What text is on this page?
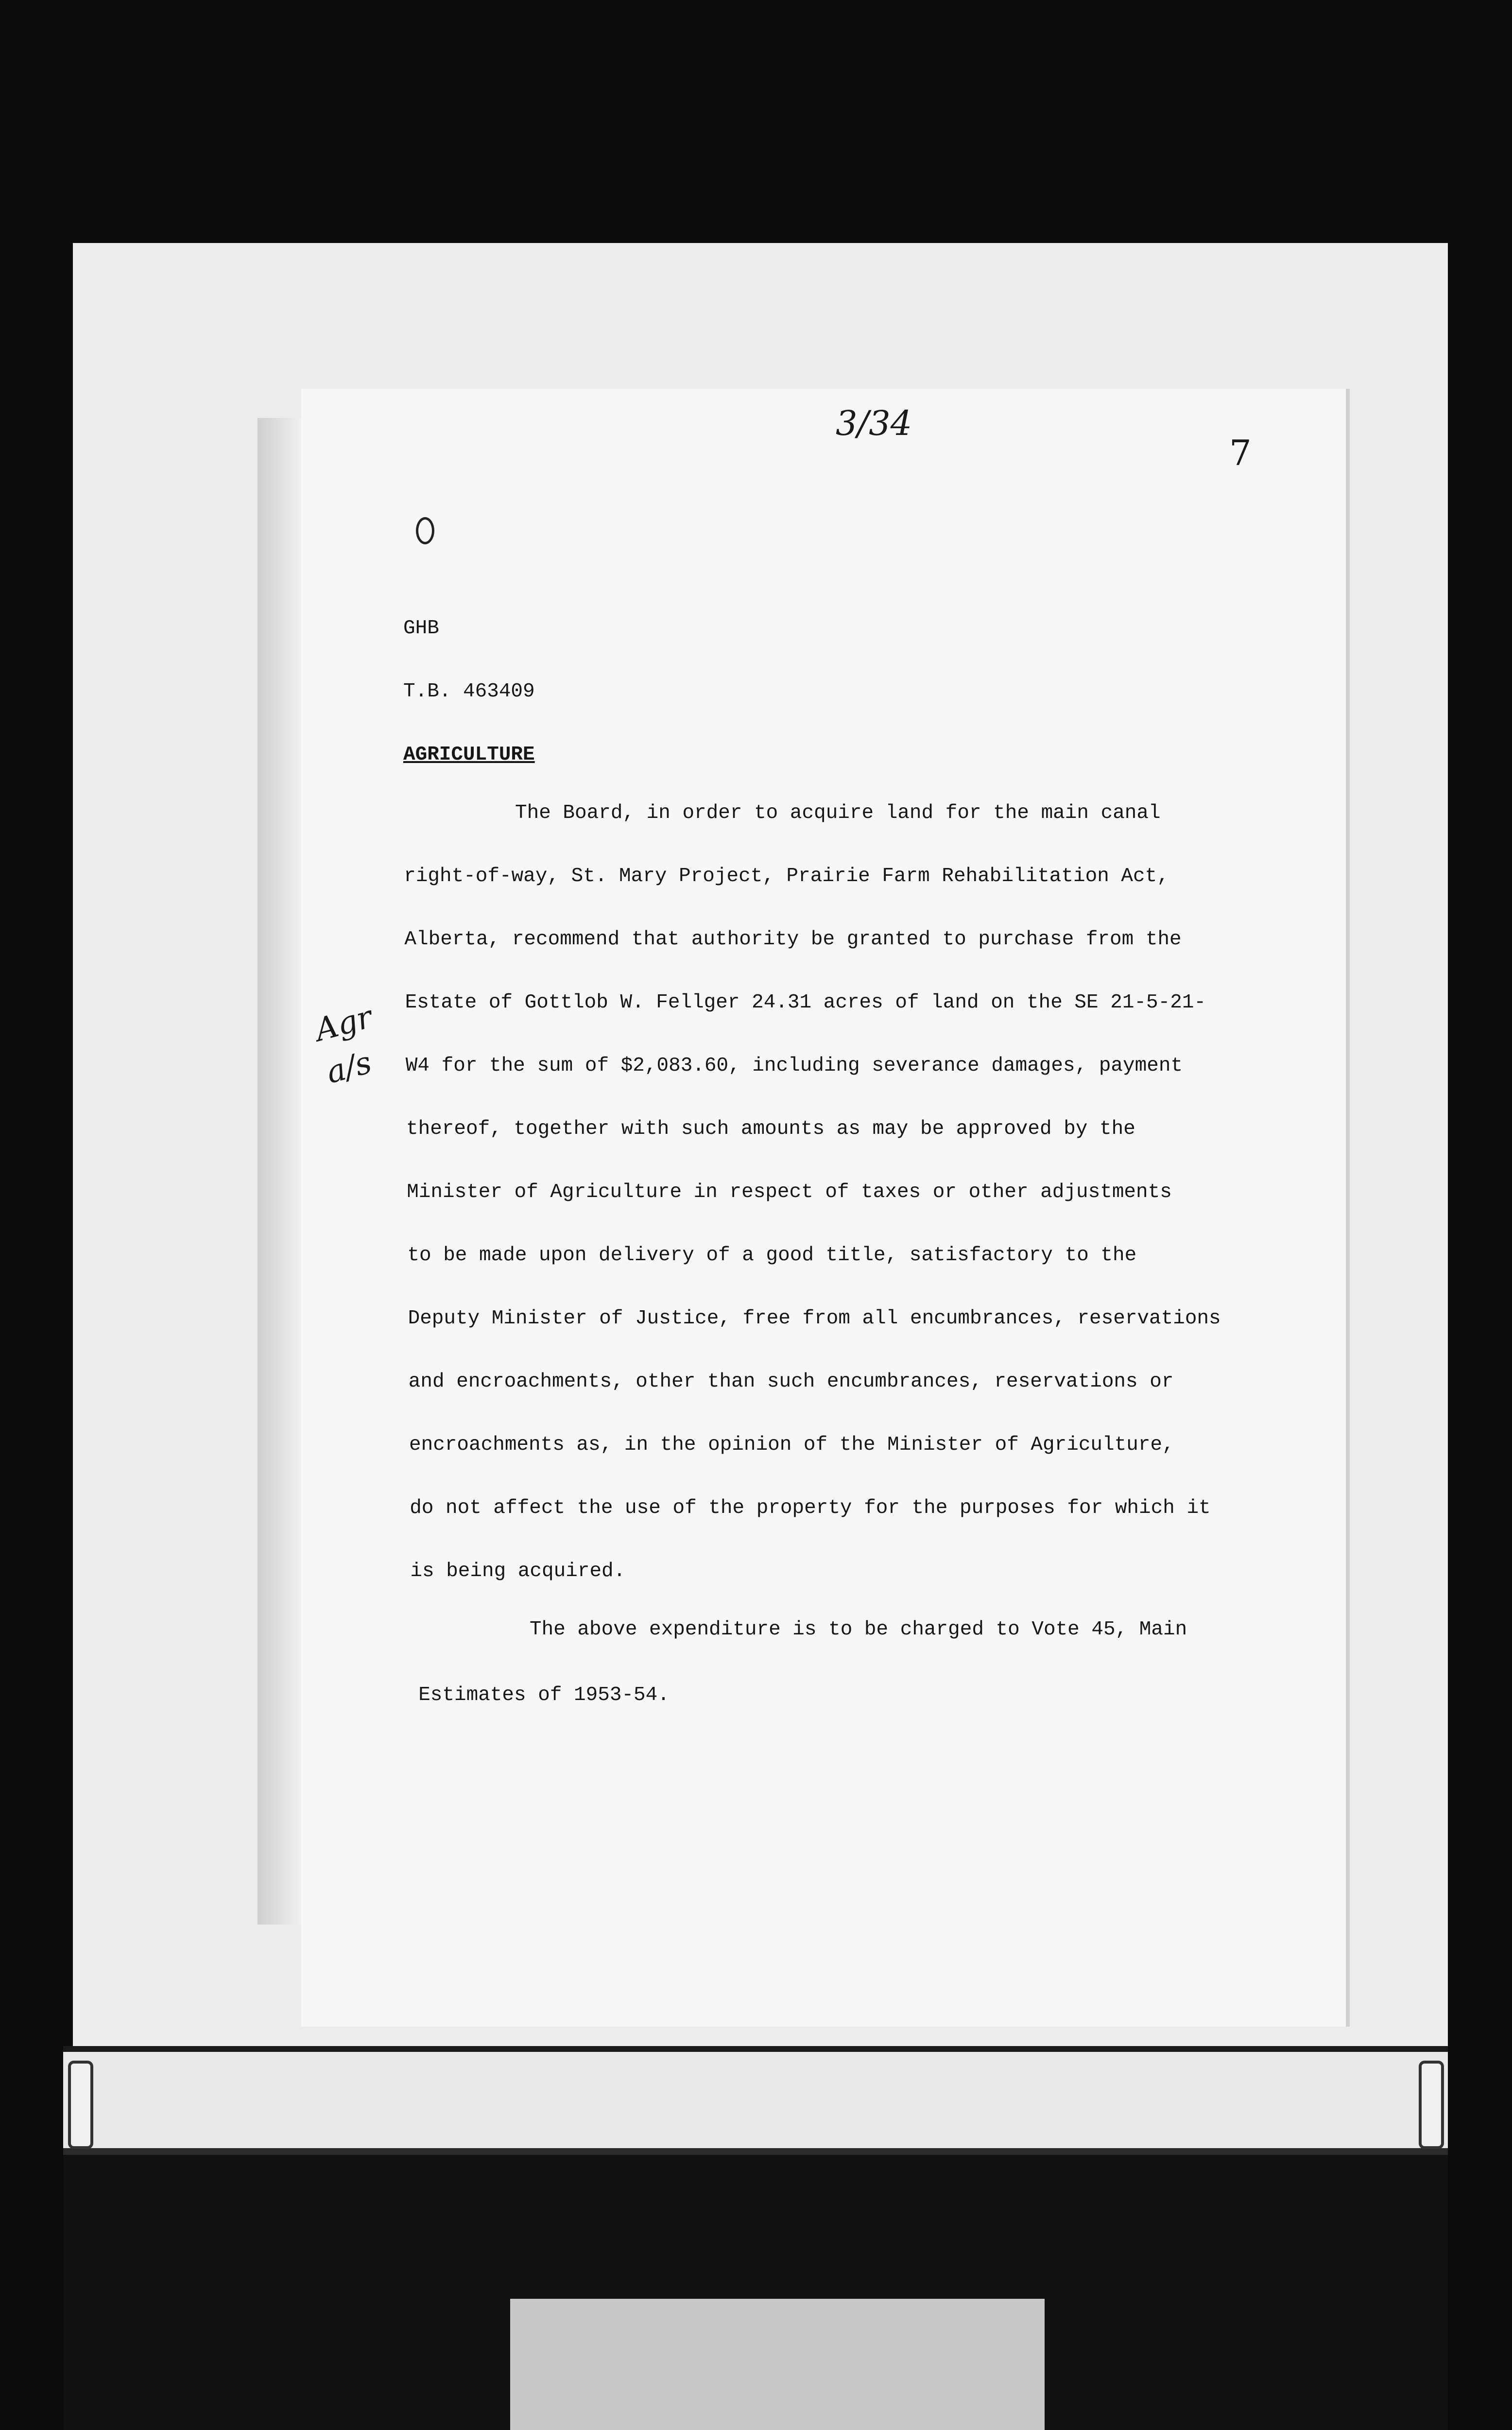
3/34
7
Agr a/s
GHB
T.B. 463409
AGRICULTURE
The Board, in order to acquire land for the main canal
right-of-way, St. Mary Project, Prairie Farm Rehabilitation Act,
Alberta, recommend that authority be granted to purchase from the
Estate of Gottlob W. Fellger 24.31 acres of land on the SE 21-5-21-
W4 for the sum of $2,083.60, including severance damages, payment
thereof, together with such amounts as may be approved by the
Minister of Agriculture in respect of taxes or other adjustments
to be made upon delivery of a good title, satisfactory to the
Deputy Minister of Justice, free from all encumbrances, reservations
and encroachments, other than such encumbrances, reservations or
encroachments as, in the opinion of the Minister of Agriculture,
do not affect the use of the property for the purposes for which it
is being acquired.
The above expenditure is to be charged to Vote 45, Main
Estimates of 1953-54.
